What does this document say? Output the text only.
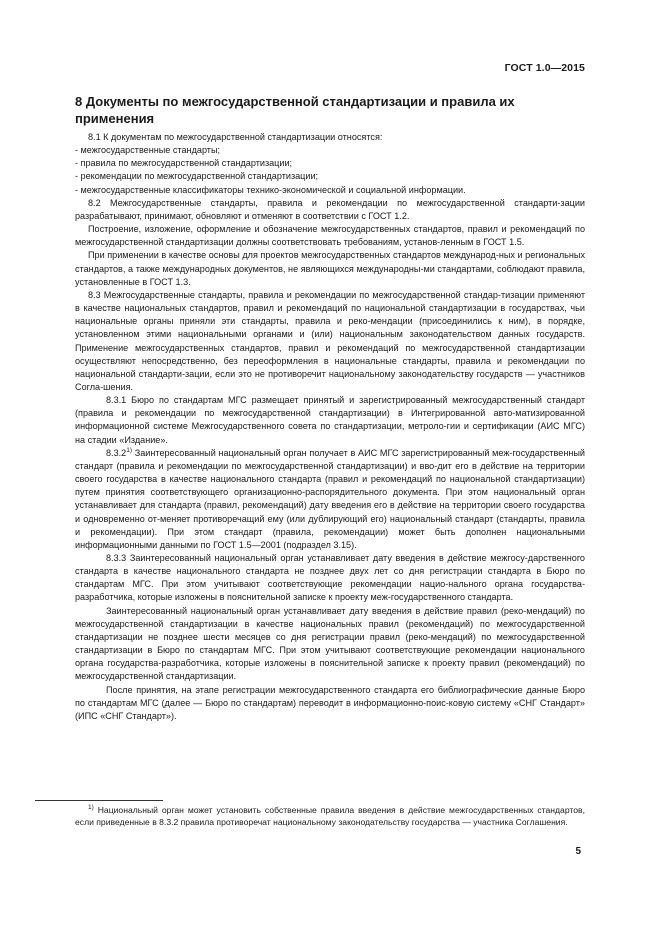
ГОСТ 1.0—2015
8 Документы по межгосударственной стандартизации и правила их применения

8.1 К документам по межгосударственной стандартизации относятся:

- межгосударственные стандарты;

- правила по межгосударственной стандартизации;

- рекомендации по межгосударственной стандартизации;

- межгосударственные классификаторы технико-экономической и социальной информации.

8.2 Межгосударственные стандарты, правила и рекомендации по межгосударственной стандарти-зации разрабатывают, принимают, обновляют и отменяют в соответствии с ГОСТ 1.2.

Построение, изложение, оформление и обозначение межгосударственных стандартов, правил и рекомендаций по межгосударственной стандартизации должны соответствовать требованиям, установ-ленным в ГОСТ 1.5.

При применении в качестве основы для проектов межгосударственных стандартов международ-ных и региональных стандартов, а также международных документов, не являющихся международны-ми стандартами, соблюдают правила, установленные в ГОСТ 1.3.

8.3 Межгосударственные стандарты, правила и рекомендации по межгосударственной стандар-тизации применяют в качестве национальных стандартов, правил и рекомендаций по национальной стандартизации в государствах, чьи национальные органы приняли эти стандарты, правила и реко-мендации (присоединились к ним), в порядке, установленном этими национальными органами и (или) национальным законодательством данных государств. Применение межгосударственных стандартов, правил и рекомендаций по межгосударственной стандартизации осуществляют непосредственно, без переоформления в национальные стандарты, правила и рекомендации по национальной стандарти-зации, если это не противоречит национальному законодательству государств — участников Согла-шения.

8.3.1 Бюро по стандартам МГС размещает принятый и зарегистрированный межгосударственный стандарт (правила и рекомендации по межгосударственной стандартизации) в Интегрированной авто-матизированной информационной системе Межгосударственного совета по стандартизации, метроло-гии и сертификации (АИС МГС) на стадии «Издание».

8.3.2$^{1)}$ Заинтересованный национальный орган получает в АИС МГС зарегистрированный меж-государственный стандарт (правила и рекомендации по межгосударственной стандартизации) и вво-дит его в действие на территории своего государства в качестве национального стандарта (правил и рекомендаций по национальной стандартизации) путем принятия соответствующего организационно-распорядительного документа. При этом национальный орган устанавливает для стандарта (правил, рекомендаций) дату введения его в действие на территории своего государства и одновременно от-меняет противоречащий ему (или дублирующий его) национальный стандарт (стандарты, правила и рекомендации). При этом стандарт (правила, рекомендации) может быть дополнен национальными информационными данными по ГОСТ 1.5—2001 (подраздел 3.15).

8.3.3 Заинтересованный национальный орган устанавливает дату введения в действие межгосу-дарственного стандарта в качестве национального стандарта не позднее двух лет со дня регистрации стандарта в Бюро по стандартам МГС. При этом учитывают соответствующие рекомендации нацио-нального органа государства-разработчика, которые изложены в пояснительной записке к проекту меж-государственного стандарта.

Заинтересованный национальный орган устанавливает дату введения в действие правил (реко-мендаций) по межгосударственной стандартизации в качестве национальных правил (рекомендаций) по межгосударственной стандартизации не позднее шести месяцев со дня регистрации правил (реко-мендаций) по межгосударственной стандартизации в Бюро по стандартам МГС. При этом учитывают соответствующие рекомендации национального органа государства-разработчика, которые изложены в пояснительной записке к проекту правил (рекомендаций) по межгосударственной стандартизации.

После принятия, на этапе регистрации межгосударственного стандарта его библиографические данные Бюро по стандартам МГС (далее — Бюро по стандартам) переводит в информационно-поис-ковую систему «СНГ Стандарт» (ИПС «СНГ Стандарт»).

$^{1)}$ Национальный орган может установить собственные правила введения в действие межгосударственных стандартов, если приведенные в 8.3.2 правила противоречат национальному законодательству государства — участника Соглашения.

5
